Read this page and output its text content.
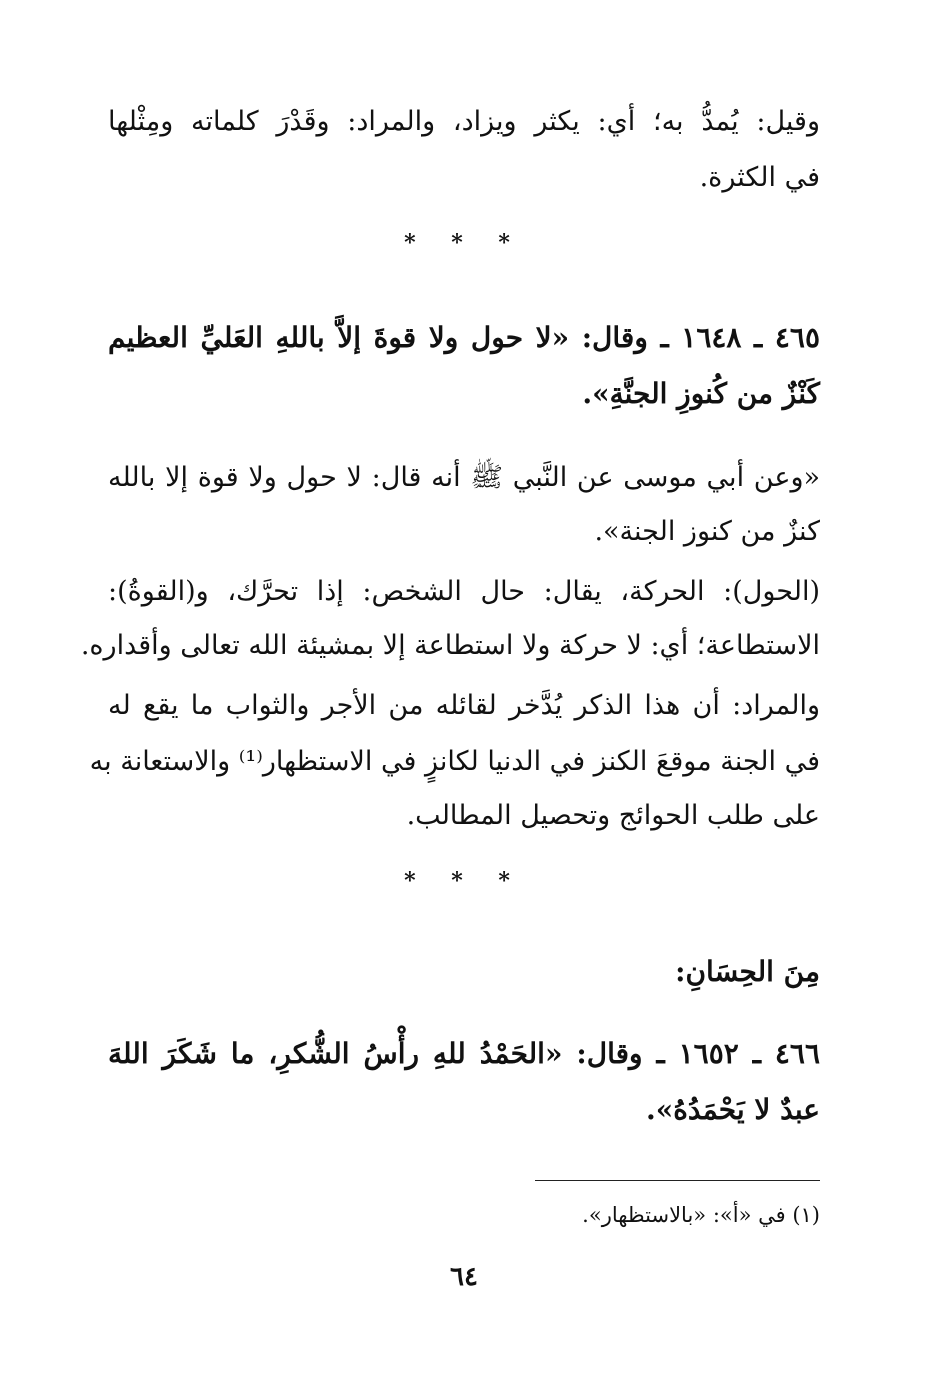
وقيل: يُمدُّ به؛ أي: يكثر ويزاد، والمراد: وقَدْرَ كلماته ومِثْلها
في الكثرة.
* * *
٤٦٥ ـ ١٦٤٨ ـ وقال: «لا حول ولا قوةَ إلاَّ باللهِ العَليِّ العظيم
كَنْزٌ من كُنوزِ الجنَّةِ».
«وعن أبي موسى عن النَّبي ﷺ أنه قال: لا حول ولا قوة إلا بالله
كنزٌ من كنوز الجنة».
(الحول): الحركة، يقال: حال الشخص: إذا تحرَّك، و(القوةُ):
الاستطاعة؛ أي: لا حركة ولا استطاعة إلا بمشيئة الله تعالى وأقداره.
والمراد: أن هذا الذكر يُدَّخر لقائله من الأجر والثواب ما يقع له
في الجنة موقعَ الكنز في الدنيا لكانزٍ في الاستظهار⁽¹⁾ والاستعانة به
على طلب الحوائج وتحصيل المطالب.
* * *
مِنَ الحِسَانِ:
٤٦٦ ـ ١٦٥٢ ـ وقال: «الحَمْدُ للهِ رأْسُ الشُّكرِ، ما شَكَرَ اللهَ
عبدٌ لا يَحْمَدُهُ».
(١) في «أ»: «بالاستظهار».
٦٤
